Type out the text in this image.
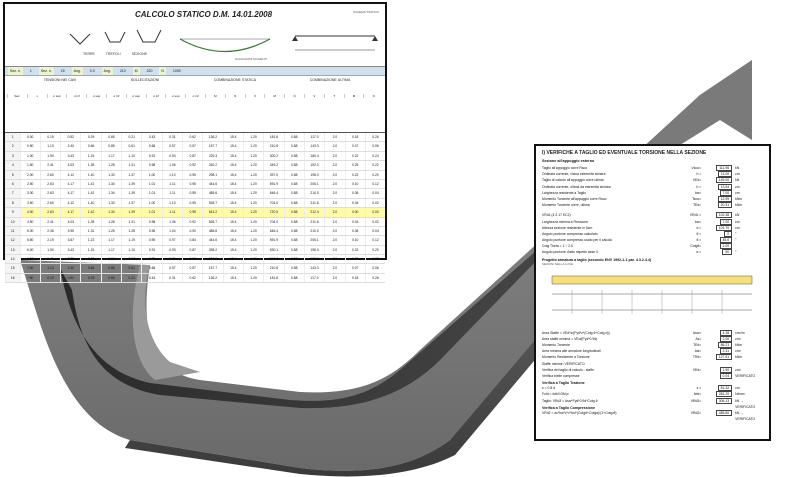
CALCOLO STATICO D.M. 14.01.2008	SCHEMA STATICO
TERRE	TREFOLI	SEZIONE
DIAGRAMMI MOMENTI
Sez. n.	1	Sez. n.	15	Ang.	0.0	Ang.	210	M	220	N	1000
TENSIONI NEI CAVI	SOLLECITAZIONI	COMBINAZIONE STATICA	COMBINAZIONE ULTIMA
Sez.	x	σ sup	σ inf	σ sup	σ inf	σ sup	σ inf	σ sup	σ inf	M	N	V	M	N	V	T	M	N
1	0.00	0.15	0.52	0.29	0.65	0.21	0.43	0.31	0.62	136.2	15.4	1.20	181.6	0.88	117.0	2.0	0.18	0.26
2	0.50	1.13	2.40	0.66	0.85	0.61	0.68	0.57	0.57	157.7	15.4	1.20	210.6	0.88	143.3	2.0	0.07	0.06
3	1.00	1.90	3.43	1.15	1.17	1.10	0.91	0.93	0.87	225.3	15.4	1.20	300.2	0.88	180.4	2.0	0.22	0.24
4	1.50	2.41	4.03	1.35	1.28	1.31	0.98	1.06	0.92	262.2	15.4	1.20	349.2	0.88	192.0	2.0	0.25	0.22
5	2.00	2.60	4.12	1.40	1.33	1.37	1.00	1.10	0.95	298.1	15.4	1.20	397.0	0.88	198.3	2.0	0.22	0.20
6	2.50	2.63	4.17	1.42	1.34	1.39	1.01	1.11	0.95	444.6	15.4	1.20	591.9	0.88	206.1	2.0	0.10	0.12
7	3.00	2.63	4.17	1.42	1.34	1.39	1.01	1.11	0.95	485.6	15.4	1.20	646.4	0.88	210.0	2.0	0.08	0.04
8	3.50	2.60	4.12	1.40	1.33	1.37	1.00	1.10	0.95	528.7	15.4	1.20	704.0	0.88	211.6	2.0	0.04	0.02
9	4.00	2.63	4.17	1.42	1.34	1.39	1.01	1.11	0.95	541.2	15.4	1.20	720.5	0.88	212.4	2.0	0.00	0.00
10	4.50	2.41	4.03	1.35	1.28	1.31	0.98	1.06	0.92	528.7	15.4	1.20	704.0	0.88	211.6	2.0	0.04	0.02
11	5.00	2.36	3.95	1.31	1.25	1.28	0.96	1.04	0.90	485.6	15.4	1.20	646.4	0.88	210.0	2.0	0.08	0.04
12	5.50	2.19	3.67	1.22	1.17	1.19	0.90	0.97	0.84	444.6	15.4	1.20	591.9	0.88	206.1	2.0	0.10	0.12
13	6.00	1.90	3.43	1.15	1.17	1.10	0.91	0.93	0.87	398.2	15.4	1.20	530.1	0.88	198.3	2.0	0.22	0.20
14	6.50	1.41	2.72	0.88	0.96	0.82	0.75	0.71	0.68	262.2	15.4	1.20	349.2	0.88	192.0	2.0	0.25	0.22
15	7.00	1.13	2.40	0.66	0.85	0.61	0.68	0.57	0.57	157.7	15.4	1.20	210.6	0.88	143.3	2.0	0.07	0.06
16	7.50	0.15	0.52	0.29	0.65	0.21	0.43	0.31	0.62	136.2	15.4	1.20	181.6	0.88	117.0	2.0	0.18	0.26
I) VERIFICHE A TAGLIO ED EVENTUALE TORSIONE NELLA SEZIONE
Sezione all'appoggio esterno
Taglio all'appoggio corre Rsoo	Vsoo=	111.96	kN
Ordinata corrente, vicina estremità sinistra	h =	11.00	cm
Taglio di calcolo all'appoggio corre ultima	VEd=	149.00	kN
Ordinata corrente, ultima da estremità sinistra	h =	13.54	cm
Larghezza resistente a Taglio	bw=	7.00	cm
Momento Torcente all'appoggio corre Rsoo	Tsoo=	12.99	kNm
Momento Torcente corre, ultima	TEd=	20.31	kNm
VRd1 (4.2.17 EC2)	VRd1 =	102.38	kN
Larghezza minima a Flessione	bw=	7.00	cm
Altezza sezione resistente in 5cm	d =	101.70	cm
Angolo puntone compresso calcolato	θ =	0	°
Angolo puntone compresso usato per il calcolo	θ =	45.0	°
Cotg Theta = 1 ÷ 2.5	Cotgθ=	1.00
Angolo puntone d'atto rispetto asse X	α =	90	°
Progetto armatura a taglio (secondo ENV 1992-1-1 par. 4.3.2.4.4)
SEZIONI NELLA LUCE
Area Staffe = VEd*s/(Fyd*z*(Cotg θ+Cotg α))	Asw=	4.28	cm²/m
Area staffe minima = VEd/(Fyd*0.9d)	As=	2.00	cm²
Momento Torcente	TEd=	86.21	kNm
Area minima alle armature longitudinali	Asl=	2.31	cm²
Momento Resistente a Torsione	TRd=	127.91	kNm
Staffe minime: VERIFICATO
Verifica del taglio di calcolo - staffe	VEd=	1.90	cm²
Verifica bielle compresse	0.04	VERIFICATO
Verifica a Taglio Trazione
s = 0.8 d	s =	81.32	cm
Fctd = fctk0.05/γc	fctd=	281.20	N/mm²
Taglio: VRd3 = Asw*Fyd*0.9d*Cotg θ	VRd3=	306.13	kN → VERIFICATO
Verifica a Taglio Compressione
VRd2 = αc*bw*z*ν*fcd*(Cotgθ+Cotgα)/(1+Cotg²θ)	VRd2=	485.80	kN → VERIFICATO
